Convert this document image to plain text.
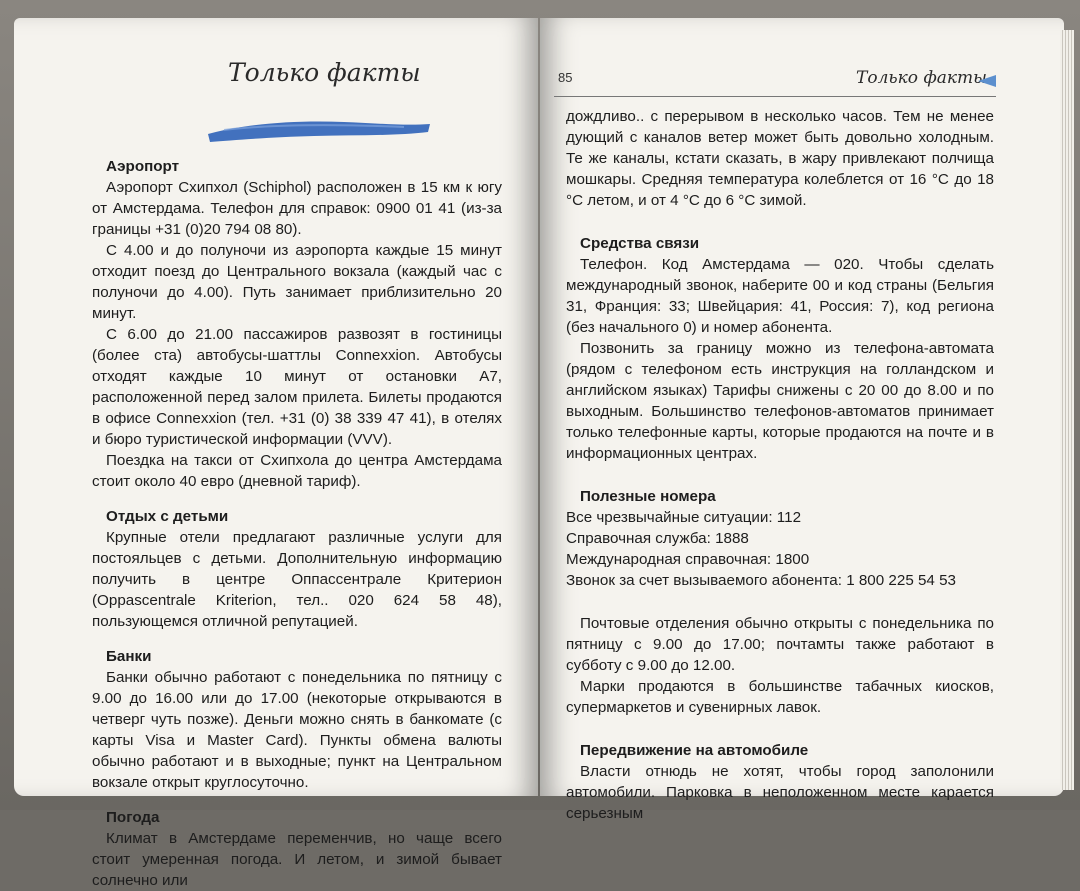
Только факты

Аэропорт

Аэропорт Схипхол (Schiphol) расположен в 15 км к югу от Амстердама. Телефон для справок: 0900 01 41 (из-за границы +31 (0)20 794 08 80).

С 4.00 и до полуночи из аэропорта каждые 15 минут отходит поезд до Центрального вокзала (каждый час с полуночи до 4.00). Путь занимает приблизительно 20 минут.

С 6.00 до 21.00 пассажиров развозят в гостиницы (более ста) автобусы-шаттлы Connexxion. Автобусы отходят каждые 10 минут от остановки A7, расположенной перед залом прилета. Билеты продаются в офисе Connexxion (тел. +31 (0) 38 339 47 41), в отелях и бюро туристической информации (VVV).

Поездка на такси от Схипхола до центра Амстердама стоит около 40 евро (дневной тариф).

Отдых с детьми

Крупные отели предлагают различные услуги для постояльцев с детьми. Дополнительную информацию получить в центре Оппассентрале Критерион (Oppascentrale Kriterion, тел.. 020 624 58 48), пользующемся отличной репутацией.

Банки

Банки обычно работают с понедельника по пятницу с 9.00 до 16.00 или до 17.00 (некоторые открываются в четверг чуть позже). Деньги можно снять в банкомате (с карты Visa и Master Card). Пункты обмена валюты обычно работают и в выходные; пункт на Центральном вокзале открыт круглосуточно.

Погода

Климат в Амстердаме переменчив, но чаще всего стоит умеренная погода. И летом, и зимой бывает солнечно или

85	Только факты

дождливо.. с перерывом в несколько часов. Тем не менее дующий с каналов ветер может быть довольно холодным. Те же каналы, кстати сказать, в жару привлекают полчища мошкары. Средняя температура колеблется от 16 °С до 18 °С летом, и от 4 °С до 6 °С зимой.

Средства связи

Телефон. Код Амстердама — 020. Чтобы сделать международный звонок, наберите 00 и код страны (Бельгия 31, Франция: 33; Швейцария: 41, Россия: 7), код региона (без начального 0) и номер абонента.

Позвонить за границу можно из телефона-автомата (рядом с телефоном есть инструкция на голландском и английском языках) Тарифы снижены с 20 00 до 8.00 и по выходным. Большинство телефонов-автоматов принимает только телефонные карты, которые продаются на почте и в информационных центрах.

Полезные номера

Все чрезвычайные ситуации: 112

Справочная служба: 1888

Международная справочная: 1800

Звонок за счет вызываемого абонента: 1 800 225 54 53

Почтовые отделения обычно открыты с понедельника по пятницу с 9.00 до 17.00; почтамты также работают в субботу с 9.00 до 12.00.

Марки продаются в большинстве табачных киосков, супермаркетов и сувенирных лавок.

Передвижение на автомобиле

Власти отнюдь не хотят, чтобы город заполонили автомобили. Парковка в неположенном месте карается серьезным
